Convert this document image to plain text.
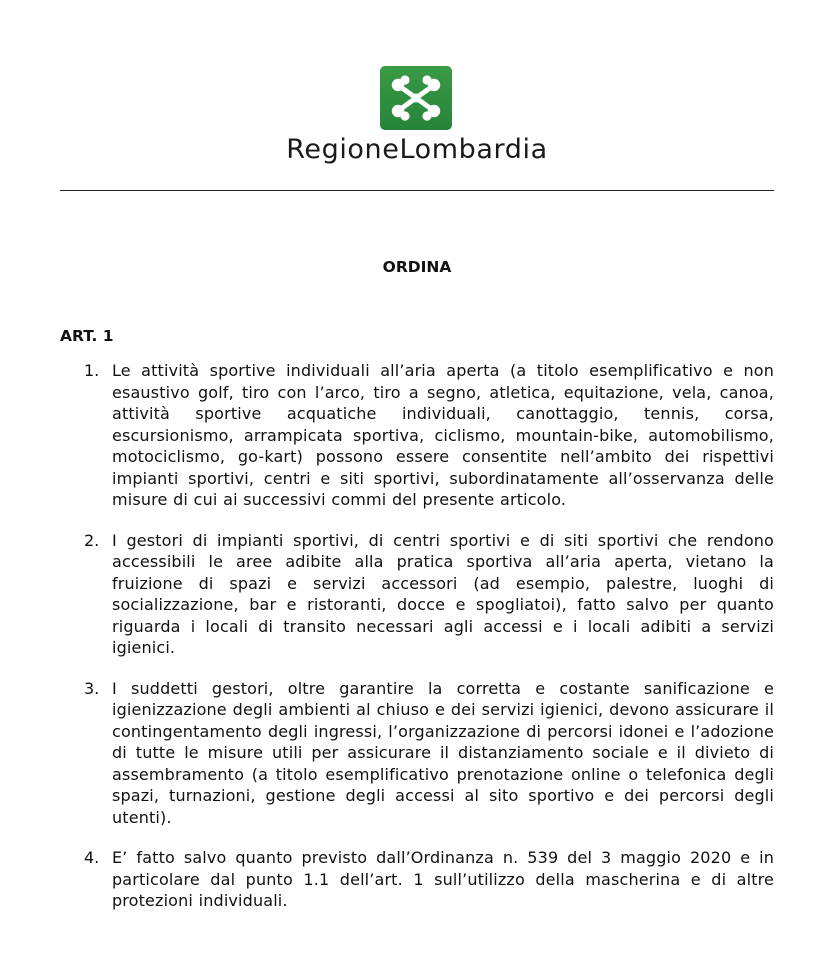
RegioneLombardia
ORDINA
ART. 1
1. Le attività sportive individuali all’aria aperta (a titolo esemplificativo e non esaustivo golf, tiro con l’arco, tiro a segno, atletica, equitazione, vela, canoa, attività sportive acquatiche individuali, canottaggio, tennis, corsa, escursionismo, arrampicata sportiva, ciclismo, mountain-bike, automobilismo, motociclismo, go-kart) possono essere consentite nell’ambito dei rispettivi impianti sportivi, centri e siti sportivi, subordinatamente all’osservanza delle misure di cui ai successivi commi del presente articolo.
2. I gestori di impianti sportivi, di centri sportivi e di siti sportivi che rendono accessibili le aree adibite alla pratica sportiva all’aria aperta, vietano la fruizione di spazi e servizi accessori (ad esempio, palestre, luoghi di socializzazione, bar e ristoranti, docce e spogliatoi), fatto salvo per quanto riguarda i locali di transito necessari agli accessi e i locali adibiti a servizi igienici.
3. I suddetti gestori, oltre garantire la corretta e costante sanificazione e igienizzazione degli ambienti al chiuso e dei servizi igienici, devono assicurare il contingentamento degli ingressi, l’organizzazione di percorsi idonei e l’adozione di tutte le misure utili per assicurare il distanziamento sociale e il divieto di assembramento (a titolo esemplificativo prenotazione online o telefonica degli spazi, turnazioni, gestione degli accessi al sito sportivo e dei percorsi degli utenti).
4. E’ fatto salvo quanto previsto dall’Ordinanza n. 539 del 3 maggio 2020 e in particolare dal punto 1.1 dell’art. 1 sull’utilizzo della mascherina e di altre protezioni individuali.
